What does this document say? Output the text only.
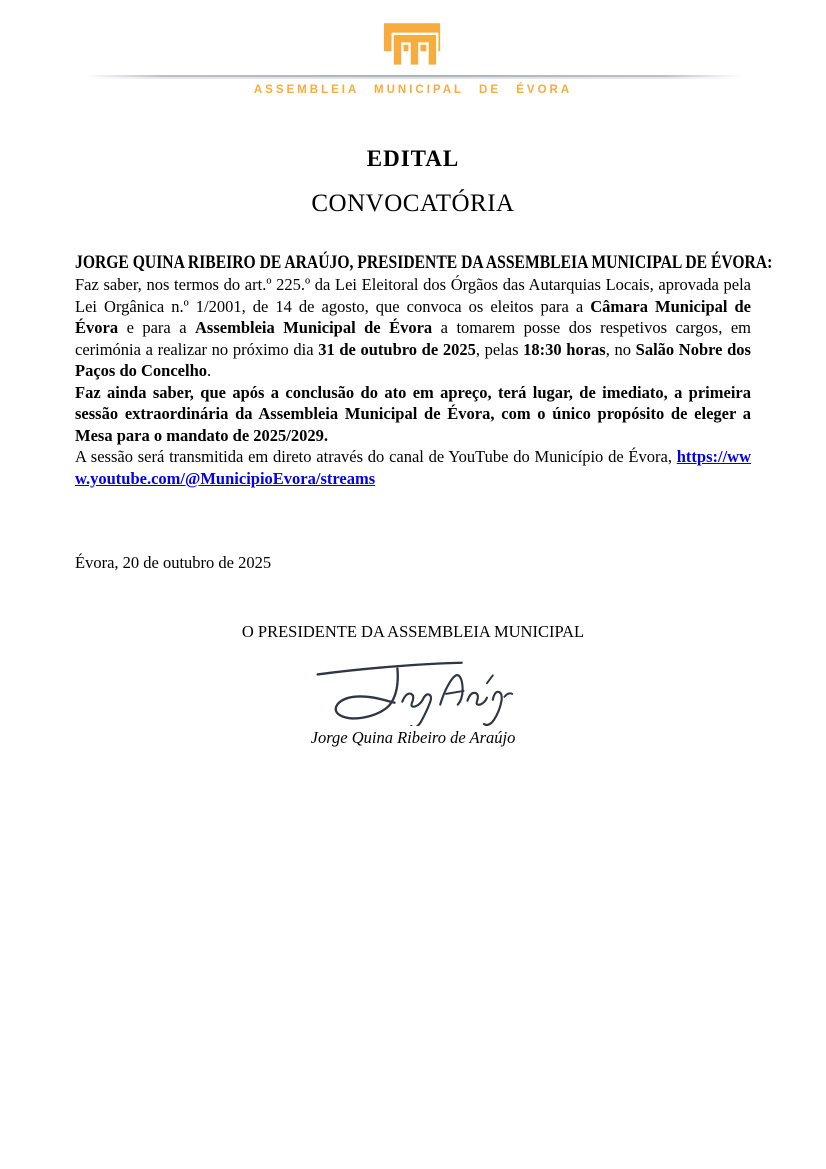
ASSEMBLEIA MUNICIPAL DE ÉVORA
EDITAL
CONVOCATÓRIA

JORGE QUINA RIBEIRO DE ARAÚJO, PRESIDENTE DA ASSEMBLEIA MUNICIPAL DE ÉVORA:

Faz saber, nos termos do art.º 225.º da Lei Eleitoral dos Órgãos das Autarquias Locais, aprovada pela Lei Orgânica n.º 1/2001, de 14 de agosto, que convoca os eleitos para a Câmara Municipal de Évora e para a Assembleia Municipal de Évora a tomarem posse dos respetivos cargos, em cerimónia a realizar no próximo dia 31 de outubro de 2025, pelas 18:30 horas, no Salão Nobre dos Paços do Concelho.

Faz ainda saber, que após a conclusão do ato em apreço, terá lugar, de imediato, a primeira sessão extraordinária da Assembleia Municipal de Évora, com o único propósito de eleger a Mesa para o mandato de 2025/2029.

A sessão será transmitida em direto através do canal de YouTube do Município de Évora, https://www.youtube.com/@MunicipioEvora/streams

Évora, 20 de outubro de 2025

O PRESIDENTE DA ASSEMBLEIA MUNICIPAL

Jorge Quina Ribeiro de Araújo
